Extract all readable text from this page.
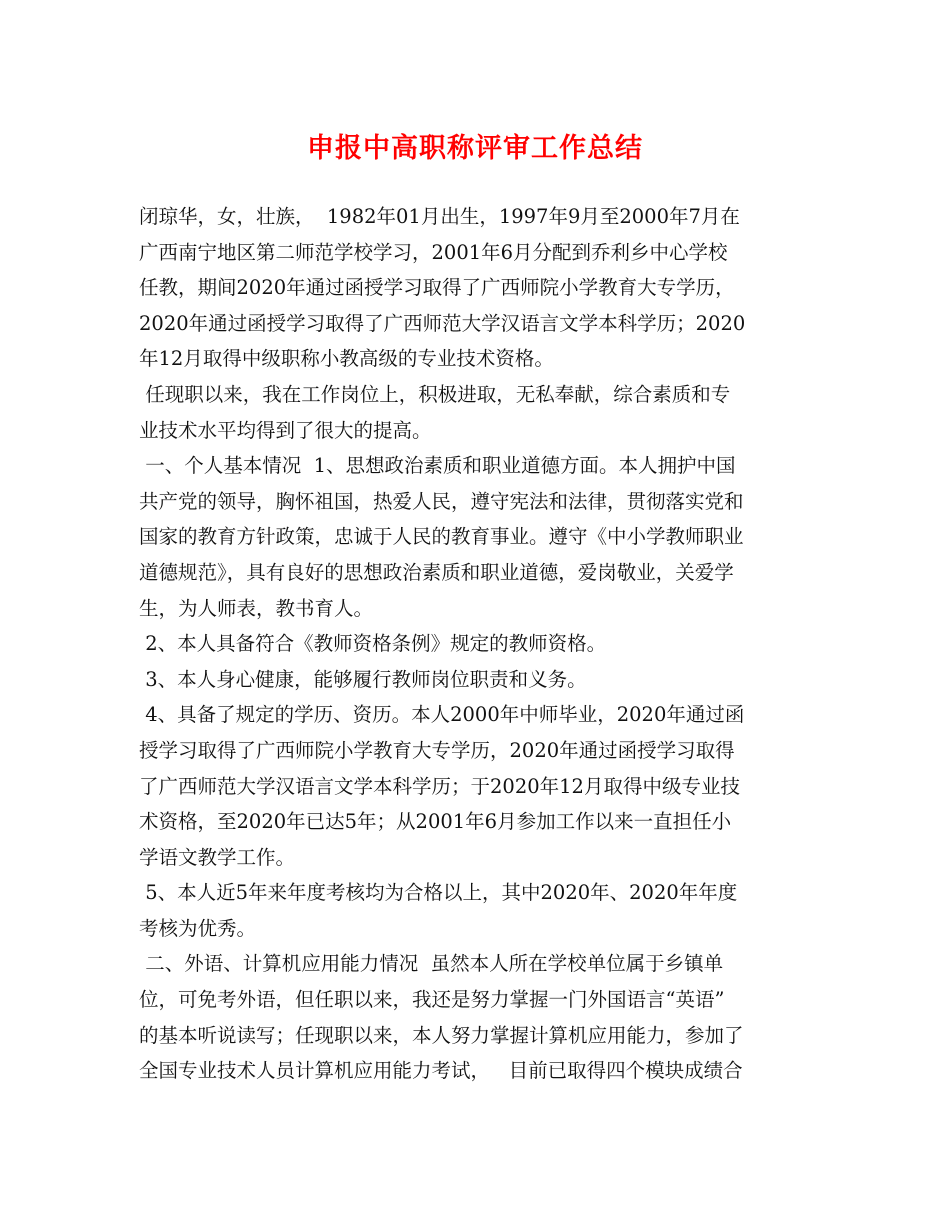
申报中高职称评审工作总结
闭琼华，女，壮族，  1982年01月出生，1997年9月至2000年7月在
广西南宁地区第二师范学校学习，2001年6月分配到乔利乡中心学校
任教，期间2020年通过函授学习取得了广西师院小学教育大专学历，
2020年通过函授学习取得了广西师范大学汉语言文学本科学历；2020
年12月取得中级职称小教高级的专业技术资格。
任现职以来，我在工作岗位上，积极进取，无私奉献，综合素质和专
业技术水平均得到了很大的提高。
一、个人基本情况  1、思想政治素质和职业道德方面。本人拥护中国
共产党的领导，胸怀祖国，热爱人民，遵守宪法和法律，贯彻落实党和
国家的教育方针政策，忠诚于人民的教育事业。遵守《中小学教师职业
道德规范》，具有良好的思想政治素质和职业道德，爱岗敬业，关爱学
生，为人师表，教书育人。
2、本人具备符合《教师资格条例》规定的教师资格。
3、本人身心健康，能够履行教师岗位职责和义务。
4、具备了规定的学历、资历。本人2000年中师毕业，2020年通过函
授学习取得了广西师院小学教育大专学历，2020年通过函授学习取得
了广西师范大学汉语言文学本科学历；于2020年12月取得中级专业技
术资格，至2020年已达5年；从2001年6月参加工作以来一直担任小
学语文教学工作。
5、本人近5年来年度考核均为合格以上，其中2020年、2020年年度
考核为优秀。
二、外语、计算机应用能力情况  虽然本人所在学校单位属于乡镇单
位，可免考外语，但任职以来，我还是努力掌握一门外国语言“英语”
的基本听说读写；任现职以来，本人努力掌握计算机应用能力，参加了
全国专业技术人员计算机应用能力考试，   目前已取得四个模块成绩合
